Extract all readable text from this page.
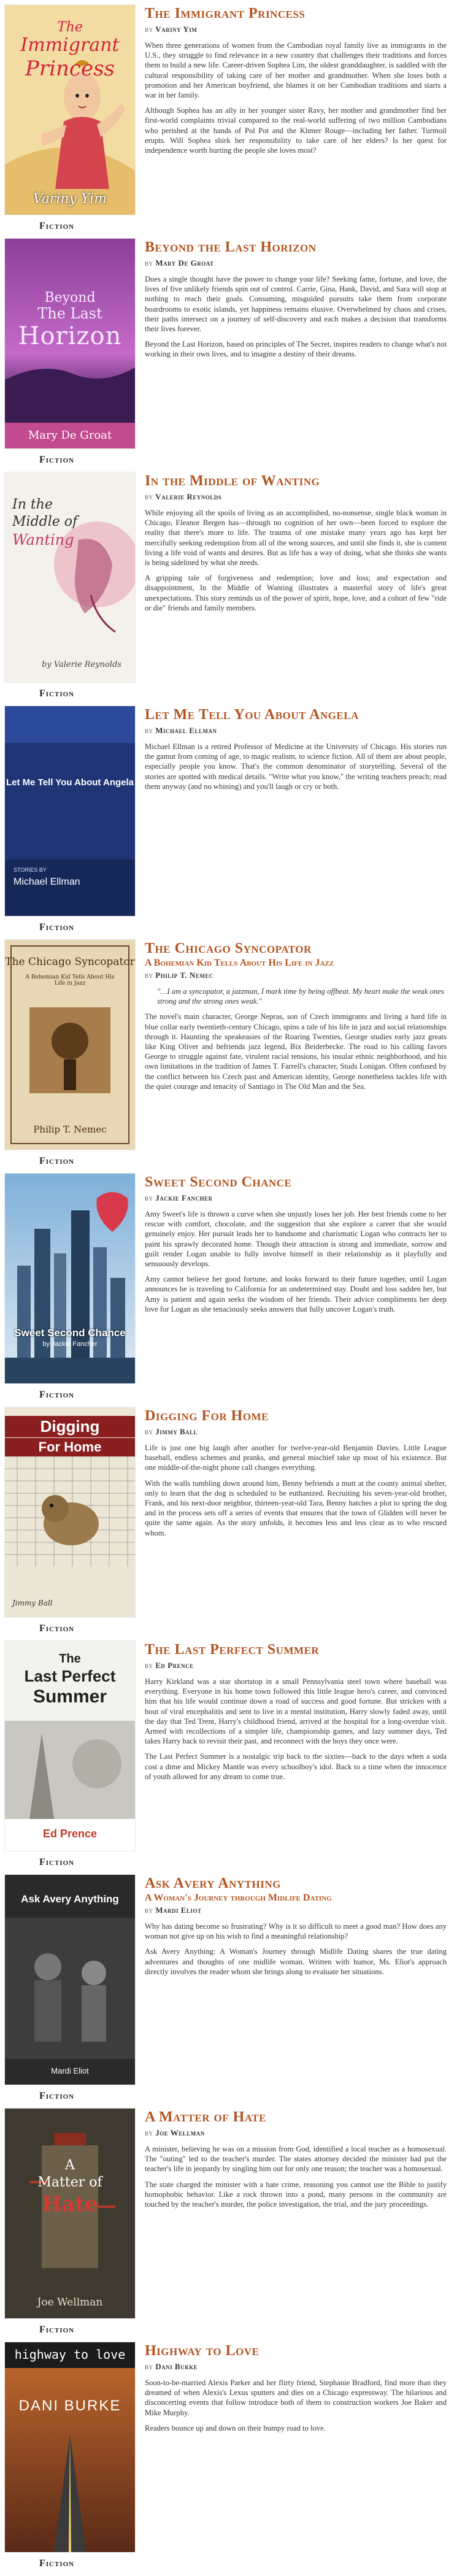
The
Immigrant
Princess
Variny Yim
Fiction
The Immigrant Princess
by Variny Yim

When three generations of women from the Cambodian royal family live as immigrants in the U.S., they struggle to find relevance in a new country that challenges their traditions and forces them to build a new life. Career-driven Sophea Lim, the oldest granddaughter, is saddled with the cultural responsibility of taking care of her mother and grandmother. When she loses both a promotion and her American boyfriend, she blames it on her Cambodian traditions and starts a war in her family.

Although Sophea has an ally in her younger sister Ravy, her mother and grandmother find her first-world complaints trivial compared to the real-world suffering of two million Cambodians who perished at the hands of Pol Pot and the Khmer Rouge—including her father. Turmoil erupts. Will Sophea shirk her responsibility to take care of her elders? Is her quest for independence worth hurting the people she loves most?

Beyond
The Last
Horizon
Mary De Groat
Fiction
Beyond the Last Horizon
by Mary De Groat

Does a single thought have the power to change your life? Seeking fame, fortune, and love, the lives of five unlikely friends spin out of control. Carrie, Gina, Hank, David, and Sara will stop at nothing to reach their goals. Consuming, misguided pursuits take them from corporate boardrooms to exotic islands, yet happiness remains elusive. Overwhelmed by chaos and crises, their paths intersect on a journey of self-discovery and each makes a decision that transforms their lives forever.

Beyond the Last Horizon, based on principles of The Secret, inspires readers to change what's not working in their own lives, and to imagine a destiny of their dreams.

In the
Middle of
Wanting
by Valerie Reynolds
Fiction
In the Middle of Wanting
by Valerie Reynolds

While enjoying all the spoils of living as an accomplished, no-nonsense, single black woman in Chicago, Eleanor Bergen has—through no cognition of her own—been forced to explore the reality that there's more to life. The trauma of one mistake many years ago has kept her mercifully seeking redemption from all of the wrong sources, and until she finds it, she is content living a life void of wants and desires. But as life has a way of doing, what she thinks she wants is being sidelined by what she needs.

A gripping tale of forgiveness and redemption; love and loss; and expectation and disappointment, In the Middle of Wanting illustrates a masterful story of life's great unexpectations. This story reminds us of the power of spirit, hope, love, and a cohort of few "ride or die" friends and family members.

Let Me Tell You About Angela
STORIES BY
Michael Ellman
Fiction
Let Me Tell You About Angela
by Michael Ellman

Michael Ellman is a retired Professor of Medicine at the University of Chicago. His stories run the gamut from coming of age, to magic realism, to science fiction. All of them are about people, especially people you know. That's the common denominator of storytelling. Several of the stories are spotted with medical details. "Write what you know," the writing teachers preach; read them anyway (and no whining) and you'll laugh or cry or both.

The Chicago Syncopator
A Bohemian Kid Tells About His Life in Jazz
Philip T. Nemec
Fiction
The Chicago Syncopator
A Bohemian Kid Tells About His Life in Jazz
by Philip T. Nemec

"…I am a syncopator, a jazzman, I mark time by being offbeat. My heart make the weak ones strong and the strong ones weak."

The novel's main character, George Nepras, son of Czech immigrants and living a hard life in blue collar early twentieth-century Chicago, spins a tale of his life in jazz and social relationships through it. Haunting the speakeasies of the Roaring Twenties, George studies early jazz greats like King Oliver and befriends jazz legend, Bix Beiderbecke. The road to his calling favors George to struggle against fate, virulent racial tensions, his insular ethnic neighborhood, and his own limitations in the tradition of James T. Farrell's character, Studs Lonigan. Often confused by the conflict between his Czech past and American identity, George nonetheless tackles life with the quiet courage and tenacity of Santiago in The Old Man and the Sea.

Sweet Second Chance
by Jackie Fancher
Fiction
Sweet Second Chance
by Jackie Fancher

Amy Sweet's life is thrown a curve when she unjustly loses her job. Her best friends come to her rescue with comfort, chocolate, and the suggestion that she explore a career that she would genuinely enjoy. Her pursuit leads her to handsome and charismatic Logan who contracts her to paint his sprawly decorated home. Though their attraction is strong and immediate, sorrow and guilt render Logan unable to fully involve himself in their relationship as it playfully and sensuously develops.

Amy cannot believe her good fortune, and looks forward to their future together, until Logan announces he is traveling to California for an undetermined stay. Doubt and loss sadden her, but Amy is patient and again seeks the wisdom of her friends. Their advice compliments her deep love for Logan as she tenaciously seeks answers that fully uncover Logan's truth.

Digging
For Home
Jimmy Ball
Fiction
Digging For Home
by Jimmy Ball

Life is just one big laugh after another for twelve-year-old Benjamin Davies. Little League baseball, endless schemes and pranks, and general mischief take up most of his existence. But one middle-of-the-night phone call changes everything.

With the walls tumbling down around him, Benny befriends a mutt at the county animal shelter, only to learn that the dog is scheduled to be euthanized. Recruiting his seven-year-old brother, Frank, and his next-door neighbor, thirteen-year-old Tara, Benny hatches a plot to spring the dog and in the process sets off a series of events that ensures that the town of Glidden will never be quite the same again. As the story unfolds, it becomes less and less clear as to who rescued whom.

The
Last Perfect
Summer
Ed Prence
Fiction
The Last Perfect Summer
by Ed Prence

Harry Kirkland was a star shortstop in a small Pennsylvania steel town where baseball was everything. Everyone in his home town followed this little league hero's career, and convinced him that his life would continue down a road of success and good fortune. But stricken with a bout of viral encephalitis and sent to live in a mental institution, Harry slowly faded away, until the day that Ted Trent, Harry's childhood friend, arrived at the hospital for a long-overdue visit. Armed with recollections of a simpler life, championship games, and lazy summer days, Ted takes Harry back to revisit their past, and reconnect with the boys they once were.

The Last Perfect Summer is a nostalgic trip back to the sixties—back to the days when a soda cost a dime and Mickey Mantle was every schoolboy's idol. Back to a time when the innocence of youth allowed for any dream to come true.

Ask Avery Anything
Mardi Eliot
Fiction
Ask Avery Anything
A Woman's Journey through Midlife Dating
by Mardi Eliot

Why has dating become so frustrating? Why is it so difficult to meet a good man? How does any woman not give up on his wish to find a meaningful relationship?

Ask Avery Anything: A Woman's Journey through Midlife Dating shares the true dating adventures and thoughts of one midlife woman. Written with humor, Ms. Eliot's approach directly involves the reader whom she brings along to evaluate her situations.

A
Matter of
Hate
Joe Wellman
Fiction
A Matter of Hate
by Joe Wellman

A minister, believing he was on a mission from God, identified a local teacher as a homosexual. The "outing" led to the teacher's murder. The states attorney decided the minister had put the teacher's life in jeopardy by singling him out for only one reason; the teacher was a homosexual.

The state charged the minister with a hate crime, reasoning you cannot use the Bible to justify homophobic behavior. Like a rock thrown into a pond, many persons in the community are touched by the teacher's murder, the police investigation, the trial, and the jury proceedings.

highway to love
DANI BURKE
Fiction
Highway to Love
by Dani Burke

Soon-to-be-married Alexis Parker and her flirty friend, Stephanie Bradford, find more than they dreamed of when Alexis's Lexus sputters and dies on a Chicago expressway. The hilarious and disconcerting events that follow introduce both of them to construction workers Joe Baker and Mike Murphy.

Readers bounce up and down on their bumpy road to love.
